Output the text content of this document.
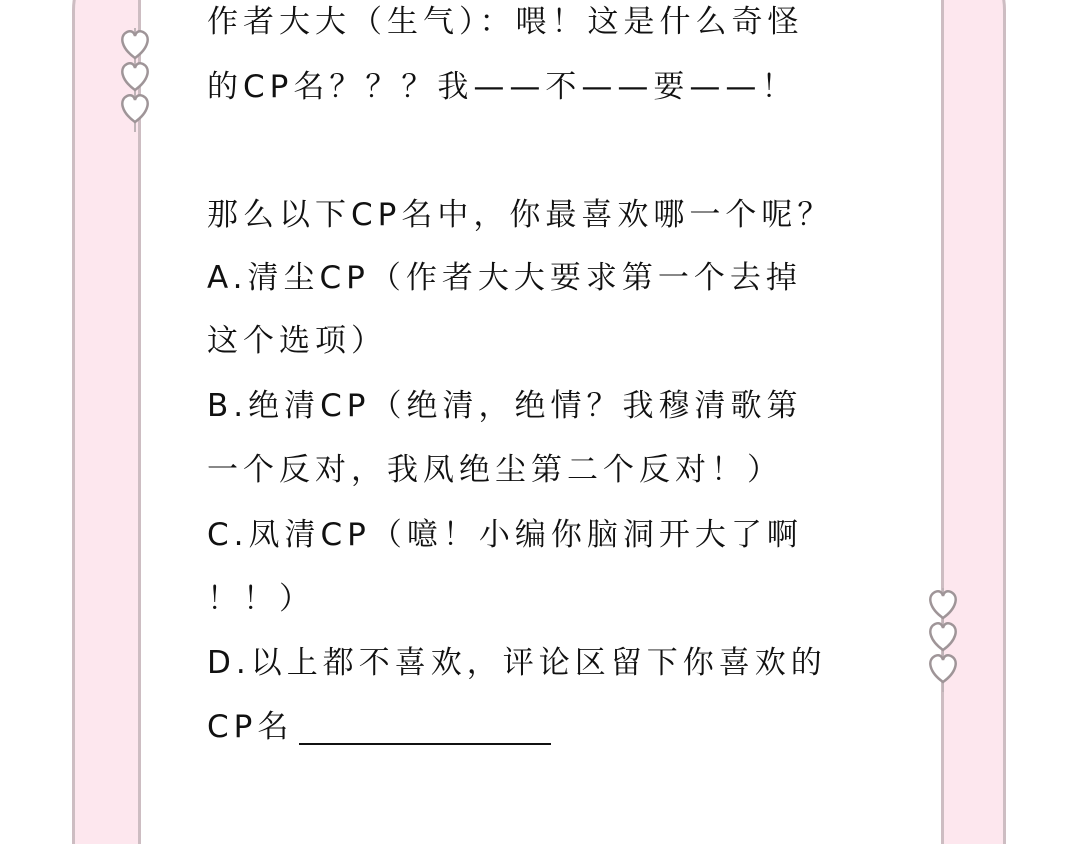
作者大大（生气）：喂！这是什么奇怪
的CP名？？？我——不——要——！
那么以下CP名中，你最喜欢哪一个呢？
A.清尘CP（作者大大要求第一个去掉
这个选项）
B.绝清CP（绝清，绝情？我穆清歌第
一个反对，我凤绝尘第二个反对！）
C.凤清CP（噫！小编你脑洞开大了啊
！！）
D.以上都不喜欢，评论区留下你喜欢的
CP名
